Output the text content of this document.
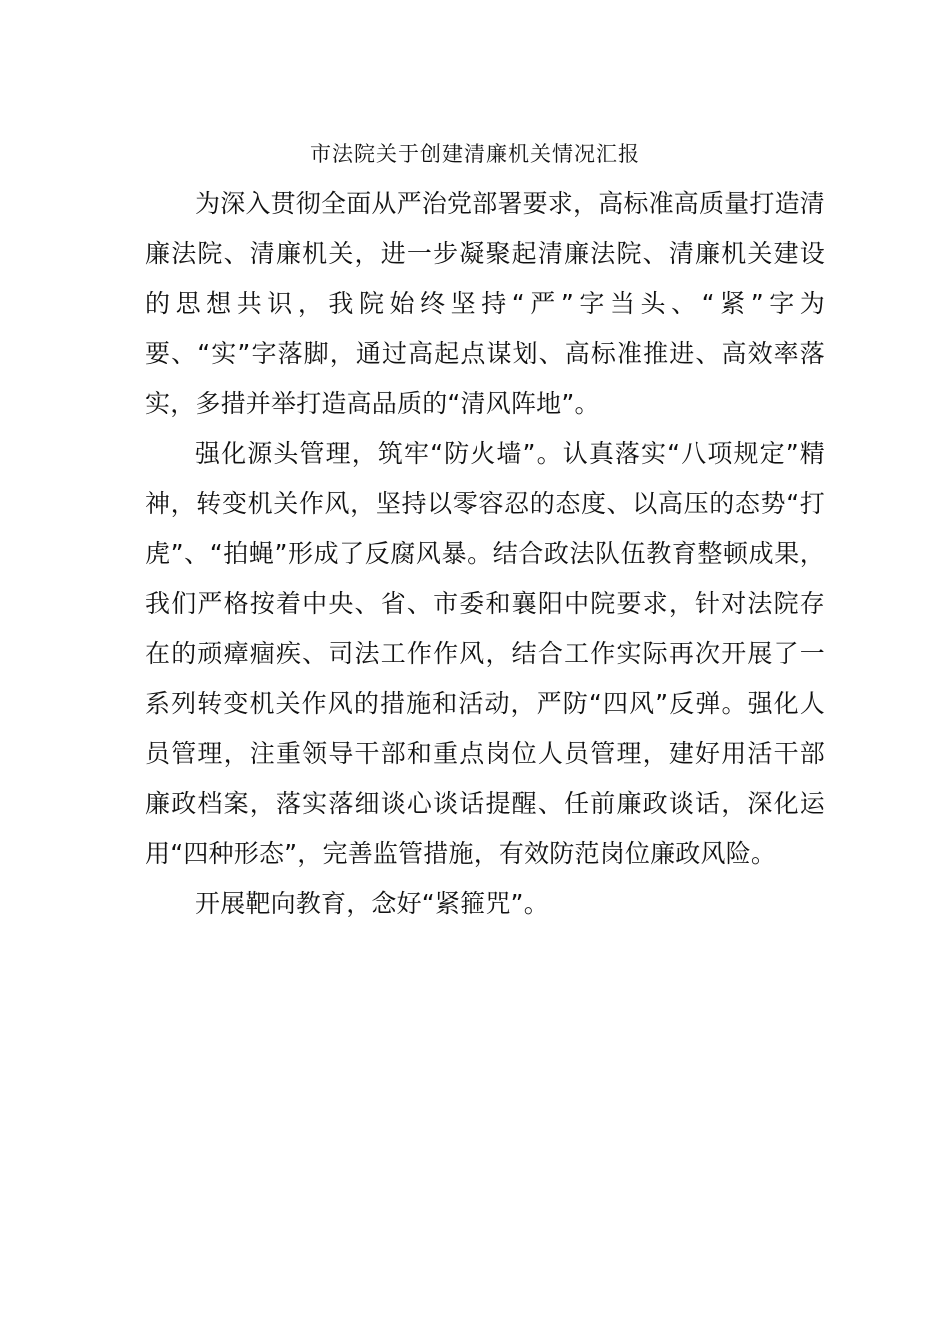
市法院关于创建清廉机关情况汇报

为深入贯彻全面从严治党部署要求，高标准高质量打造清廉法院、清廉机关，进一步凝聚起清廉法院、清廉机关建设的思想共识，我院始终坚持“严”字当头、“紧”字为要、“实”字落脚，通过高起点谋划、高标准推进、高效率落实，多措并举打造高品质的“清风阵地”。

强化源头管理，筑牢“防火墙”。认真落实“八项规定”精神，转变机关作风，坚持以零容忍的态度、以高压的态势“打虎”、“拍蝇”形成了反腐风暴。结合政法队伍教育整顿成果，我们严格按着中央、省、市委和襄阳中院要求，针对法院存在的顽瘴痼疾、司法工作作风，结合工作实际再次开展了一系列转变机关作风的措施和活动，严防“四风”反弹。强化人员管理，注重领导干部和重点岗位人员管理，建好用活干部廉政档案，落实落细谈心谈话提醒、任前廉政谈话，深化运用“四种形态”，完善监管措施，有效防范岗位廉政风险。

开展靶向教育，念好“紧箍咒”。
